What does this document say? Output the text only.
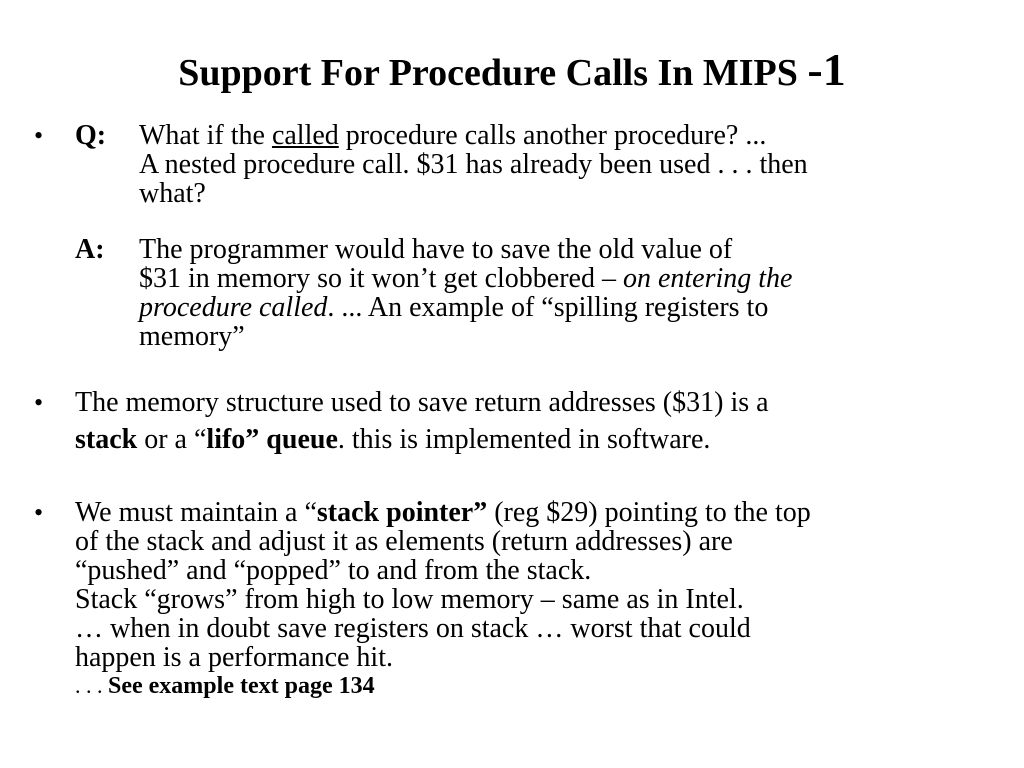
Support For Procedure Calls In MIPS -1
• Q: What if the called procedure calls another procedure? ...
A nested procedure call. $31 has already been used . . . then
what?
A: The programmer would have to save the old value of
$31 in memory so it won’t get clobbered – on entering the
procedure called. ... An example of “spilling registers to
memory”
• The memory structure used to save return addresses ($31) is a
stack or a “lifo” queue. this is implemented in software.
• We must maintain a “stack pointer” (reg $29) pointing to the top
of the stack and adjust it as elements (return addresses) are
“pushed” and “popped” to and from the stack.
Stack “grows” from high to low memory – same as in Intel.
… when in doubt save registers on stack … worst that could
happen is a performance hit.
. . . See example text page 134
